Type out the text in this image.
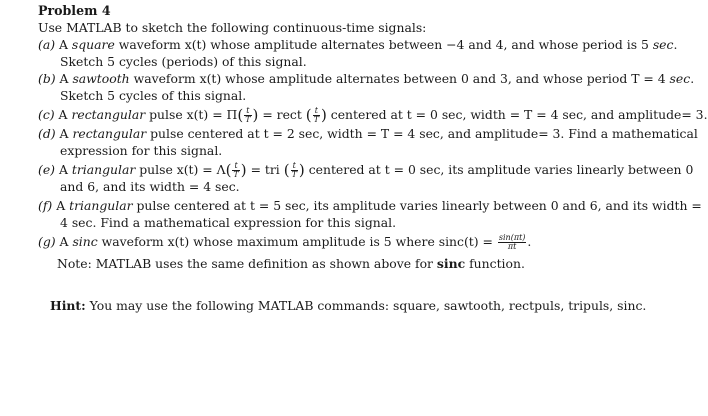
Problem 4
Use MATLAB to sketch the following continuous-time signals:
(a) A square waveform x(t) whose amplitude alternates between −4 and 4, and whose period is 5 sec.
Sketch 5 cycles (periods) of this signal.
(b) A sawtooth waveform x(t) whose amplitude alternates between 0 and 3, and whose period T = 4 sec.
Sketch 5 cycles of this signal.
(c) A rectangular pulse $x(t) = \Pi( \frac{t}{T}$ ) = rect ( $\frac{t}{T}$ ) centered at t = 0 sec, width = T = 4 sec, and amplitude= 3.
(d) A rectangular pulse centered at t = 2 sec, width = T = 4 sec, and amplitude= 3. Find a mathematical
expression for this signal.
(e) A triangular pulse $x(t) = \Lambda( \frac{t}{T}$ ) = tri ( $\frac{t}{T}$ ) centered at t = 0 sec, its amplitude varies linearly between 0
and 6, and its width = 4 sec.
(f) A triangular pulse centered at t = 5 sec, its amplitude varies linearly between 0 and 6, and its width =
4 sec. Find a mathematical expression for this signal.
(g) A sinc waveform x(t) whose maximum amplitude is 5 where $\sin c(t) = \frac{\sin(\pi t)}{\pi t}$ .
Note: MATLAB uses the same definition as shown above for sinc function.
Hint: You may use the following MATLAB commands: square, sawtooth, rectpuls, tripuls, sinc.
